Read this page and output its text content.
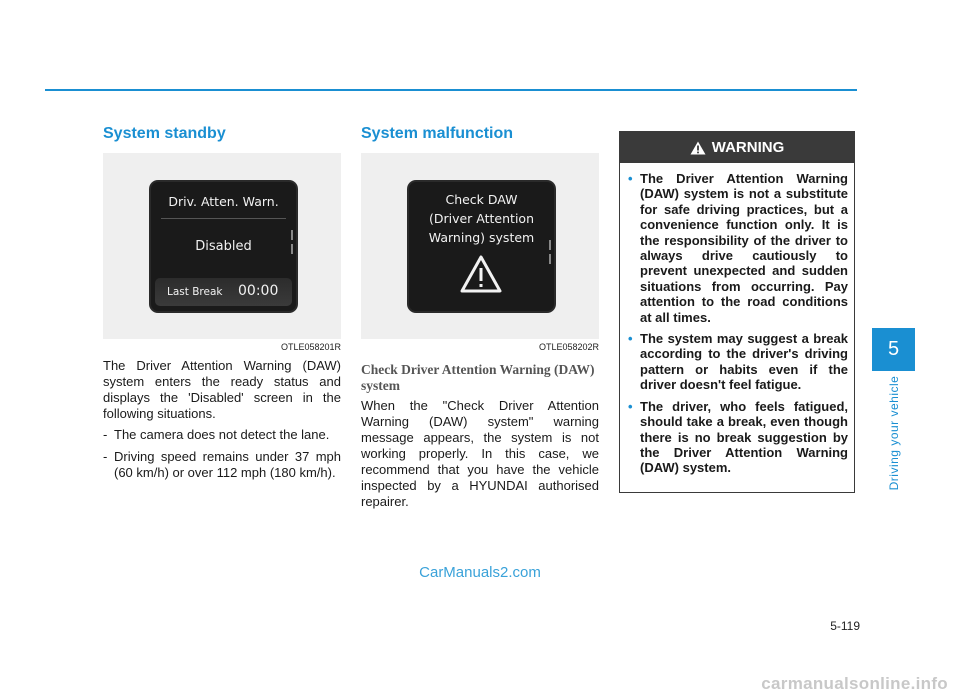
System standby
Driv. Atten. Warn.
Disabled
Last Break 00:00
OTLE058201R

The Driver Attention Warning (DAW) system enters the ready status and displays the 'Disabled' screen in the following situations.

- The camera does not detect the lane.
- Driving speed remains under 37 mph (60 km/h) or over 112 mph (180 km/h).
System malfunction
Check DAW
(Driver Attention
Warning) system
OTLE058202R
Check Driver Attention Warning (DAW) system
When the "Check Driver Attention Warning (DAW) system" warning message appears, the system is not working properly. In this case, we recommend that you have the vehicle inspected by a HYUNDAI authorised repairer.
WARNING
• The Driver Attention Warning (DAW) system is not a substitute for safe driving practices, but a convenience function only. It is the responsibility of the driver to always drive cautiously to prevent unexpected and sudden situations from occurring. Pay attention to the road conditions at all times.
• The system may suggest a break according to the driver's driving pattern or habits even if the driver doesn't feel fatigue.
• The driver, who feels fatigued, should take a break, even though there is no break suggestion by the Driver Attention Warning (DAW) system.
5
Driving your vehicle
5-119
CarManuals2.com
carmanualsonline.info
